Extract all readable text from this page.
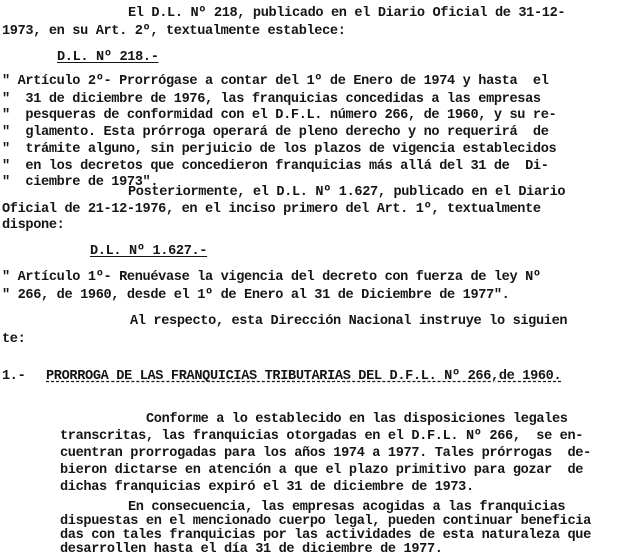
El D.L. Nº 218, publicado en el Diario Oficial de 31-12-
1973, en su Art. 2º, textualmente establece:
D.L. Nº 218.-
" Artículo 2º- Prorrógase a contar del 1º de Enero de 1974 y hasta  el
"  31 de diciembre de 1976, las franquicias concedidas a las empresas
"  pesqueras de conformidad con el D.F.L. número 266, de 1960, y su re-
"  glamento. Esta prórroga operará de pleno derecho y no requerirá  de
"  trámite alguno, sin perjuicio de los plazos de vigencia establecidos
"  en los decretos que concedieron franquicias más allá del 31 de  Di-
"  ciembre de 1973".
Posteriormente, el D.L. Nº 1.627, publicado en el Diario
Oficial de 21-12-1976, en el inciso primero del Art. 1º, textualmente
dispone:
D.L. Nº 1.627.-
" Artículo 1º- Renuévase la vigencia del decreto con fuerza de ley Nº
" 266, de 1960, desde el 1º de Enero al 31 de Diciembre de 1977".
Al respecto, esta Dirección Nacional instruye lo siguien
te:
1.- PRORROGA DE LAS FRANQUICIAS TRIBUTARIAS DEL D.F.L. Nº 266,de 1960.
Conforme a lo establecido en las disposiciones legales
transcritas, las franquicias otorgadas en el D.F.L. Nº 266,  se en-
cuentran prorrogadas para los años 1974 a 1977. Tales prórrogas  de-
bieron dictarse en atención a que el plazo primitivo para gozar  de
dichas franquicias expiró el 31 de diciembre de 1973.
En consecuencia, las empresas acogidas a las franquicias
dispuestas en el mencionado cuerpo legal, pueden continuar beneficia
das con tales franquicias por las actividades de esta naturaleza que
desarrollen hasta el día 31 de diciembre de 1977.
